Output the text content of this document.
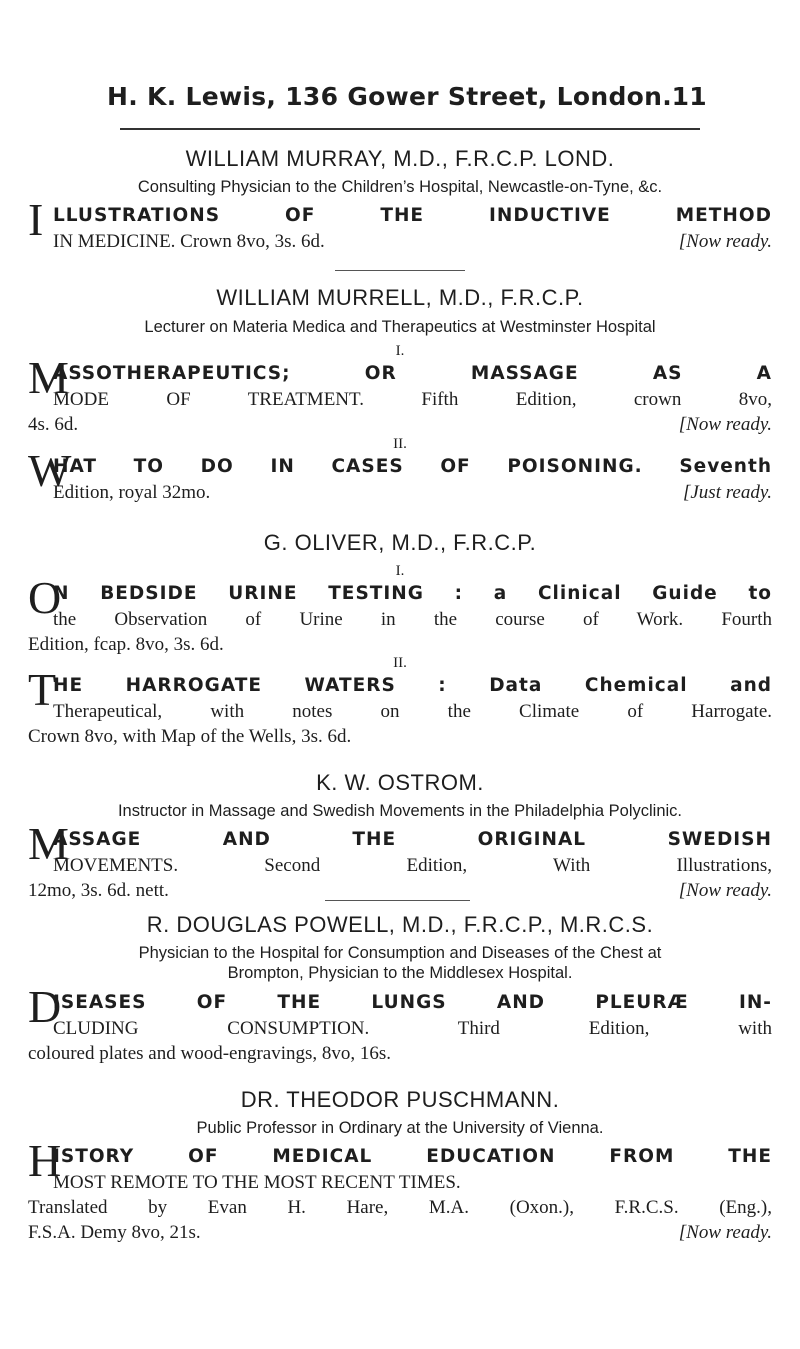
H. K. Lewis, 136 Gower Street, London. 11
WILLIAM MURRAY, M.D., F.R.C.P. LOND.
Consulting Physician to the Children’s Hospital, Newcastle-on-Tyne, &c.
I LLUSTRATIONS OF THE INDUCTIVE METHOD
IN MEDICINE. Crown 8vo, 3s. 6d.	[Now ready.
WILLIAM MURRELL, M.D., F.R.C.P.
Lecturer on Materia Medica and Therapeutics at Westminster Hospital
I.
M
ASSOTHERAPEUTICS; OR MASSAGE AS A
MODE OF TREATMENT. Fifth Edition, crown 8vo,
4s. 6d.	[Now ready.
II.
W
HAT TO DO IN CASES OF POISONING. Seventh
Edition, royal 32mo.	[Just ready.
G. OLIVER, M.D., F.R.C.P.
I.
O
N BEDSIDE URINE TESTING : a Clinical Guide to
the Observation of Urine in the course of Work. Fourth
Edition, fcap. 8vo, 3s. 6d.
II.
T
HE HARROGATE WATERS : Data Chemical and
Therapeutical, with notes on the Climate of Harrogate.
Crown 8vo, with Map of the Wells, 3s. 6d.
K. W. OSTROM.
Instructor in Massage and Swedish Movements in the Philadelphia Polyclinic.
M
ASSAGE AND THE ORIGINAL SWEDISH
MOVEMENTS. Second Edition, With Illustrations,
12mo, 3s. 6d. nett.	[Now ready.
R. DOUGLAS POWELL, M.D., F.R.C.P., M.R.C.S.
Physician to the Hospital for Consumption and Diseases of the Chest at
Brompton, Physician to the Middlesex Hospital.
D
ISEASES OF THE LUNGS AND PLEURÆ IN-
CLUDING CONSUMPTION. Third Edition, with
coloured plates and wood-engravings, 8vo, 16s.
DR. THEODOR PUSCHMANN.
Public Professor in Ordinary at the University of Vienna.
H
ISTORY OF MEDICAL EDUCATION FROM THE
MOST REMOTE TO THE MOST RECENT TIMES.
Translated by Evan H. Hare, M.A. (Oxon.), F.R.C.S. (Eng.),
F.S.A. Demy 8vo, 21s.	[Now ready.
